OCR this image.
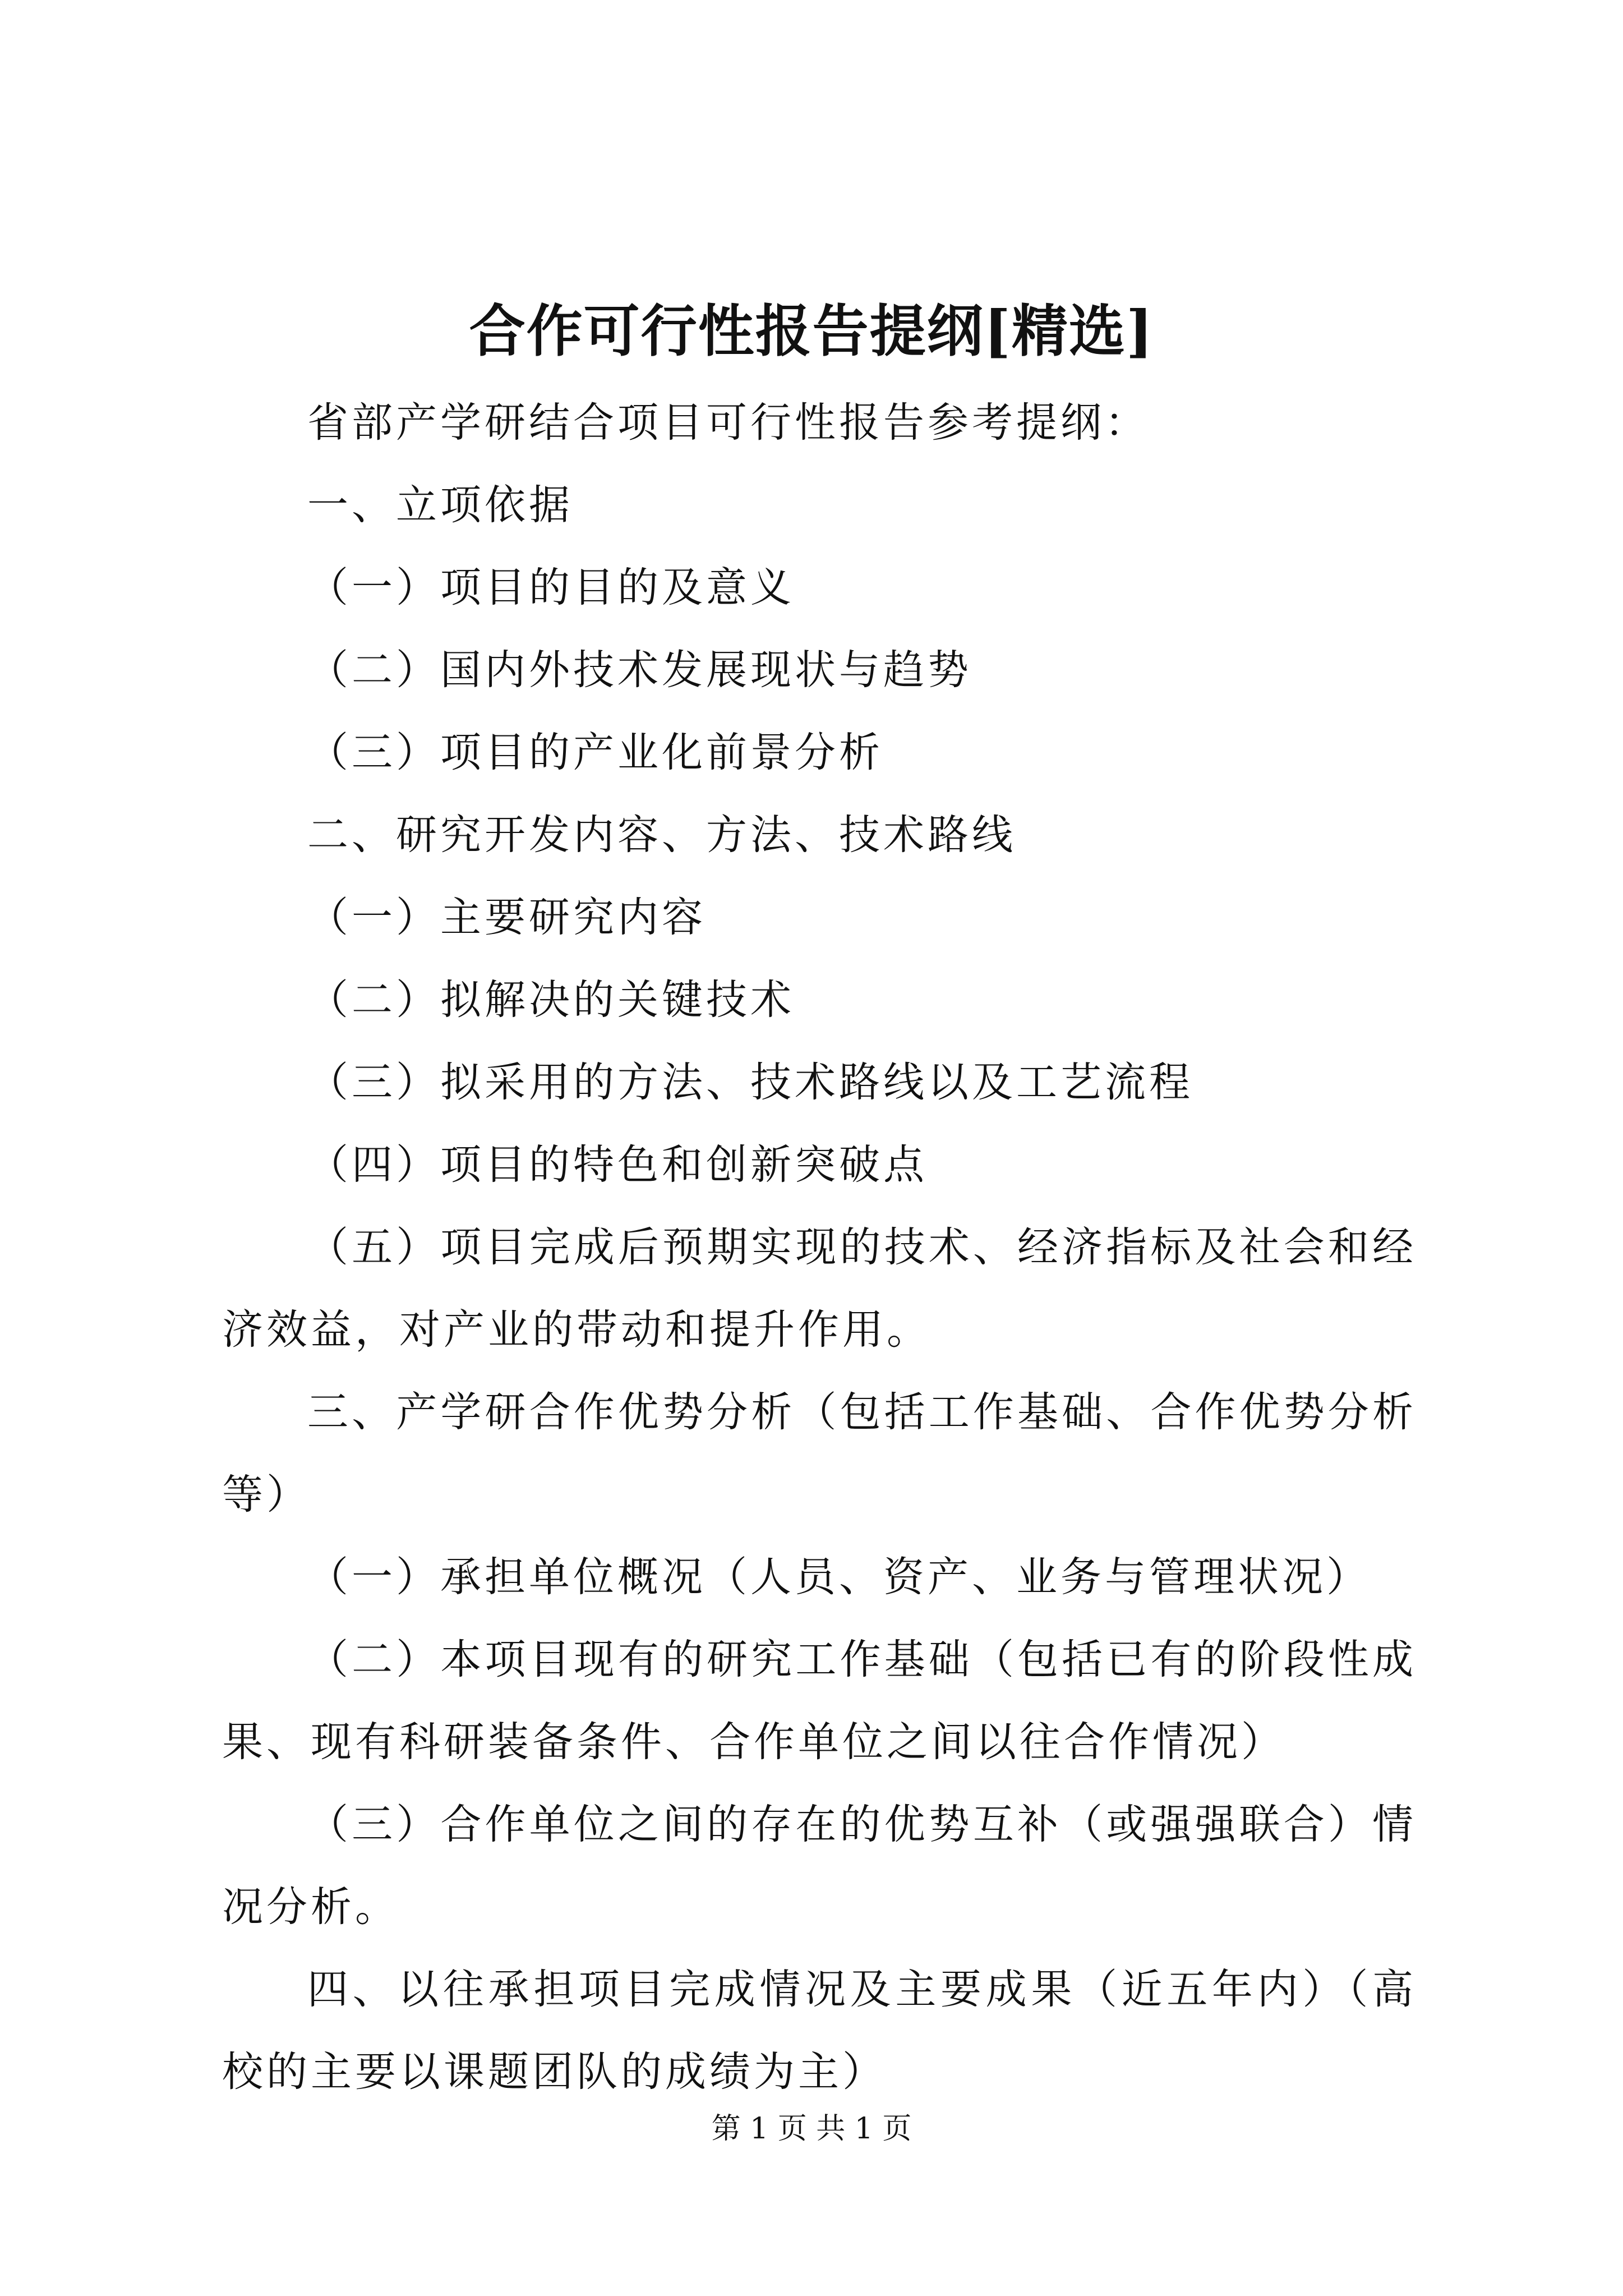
合作可行性报告提纲[精选]

省部产学研结合项目可行性报告参考提纲：

一、立项依据

（一）项目的目的及意义

（二）国内外技术发展现状与趋势

（三）项目的产业化前景分析

二、研究开发内容、方法、技术路线

（一）主要研究内容

（二）拟解决的关键技术

（三）拟采用的方法、技术路线以及工艺流程

（四）项目的特色和创新突破点

（五）项目完成后预期实现的技术、经济指标及社会和经济效益，对产业的带动和提升作用。

三、产学研合作优势分析（包括工作基础、合作优势分析等）

（一）承担单位概况（人员、资产、业务与管理状况）

（二）本项目现有的研究工作基础（包括已有的阶段性成果、现有科研装备条件、合作单位之间以往合作情况）

（三）合作单位之间的存在的优势互补（或强强联合）情况分析。

四、以往承担项目完成情况及主要成果（近五年内）（高校的主要以课题团队的成绩为主）

第 1 页 共 1 页
